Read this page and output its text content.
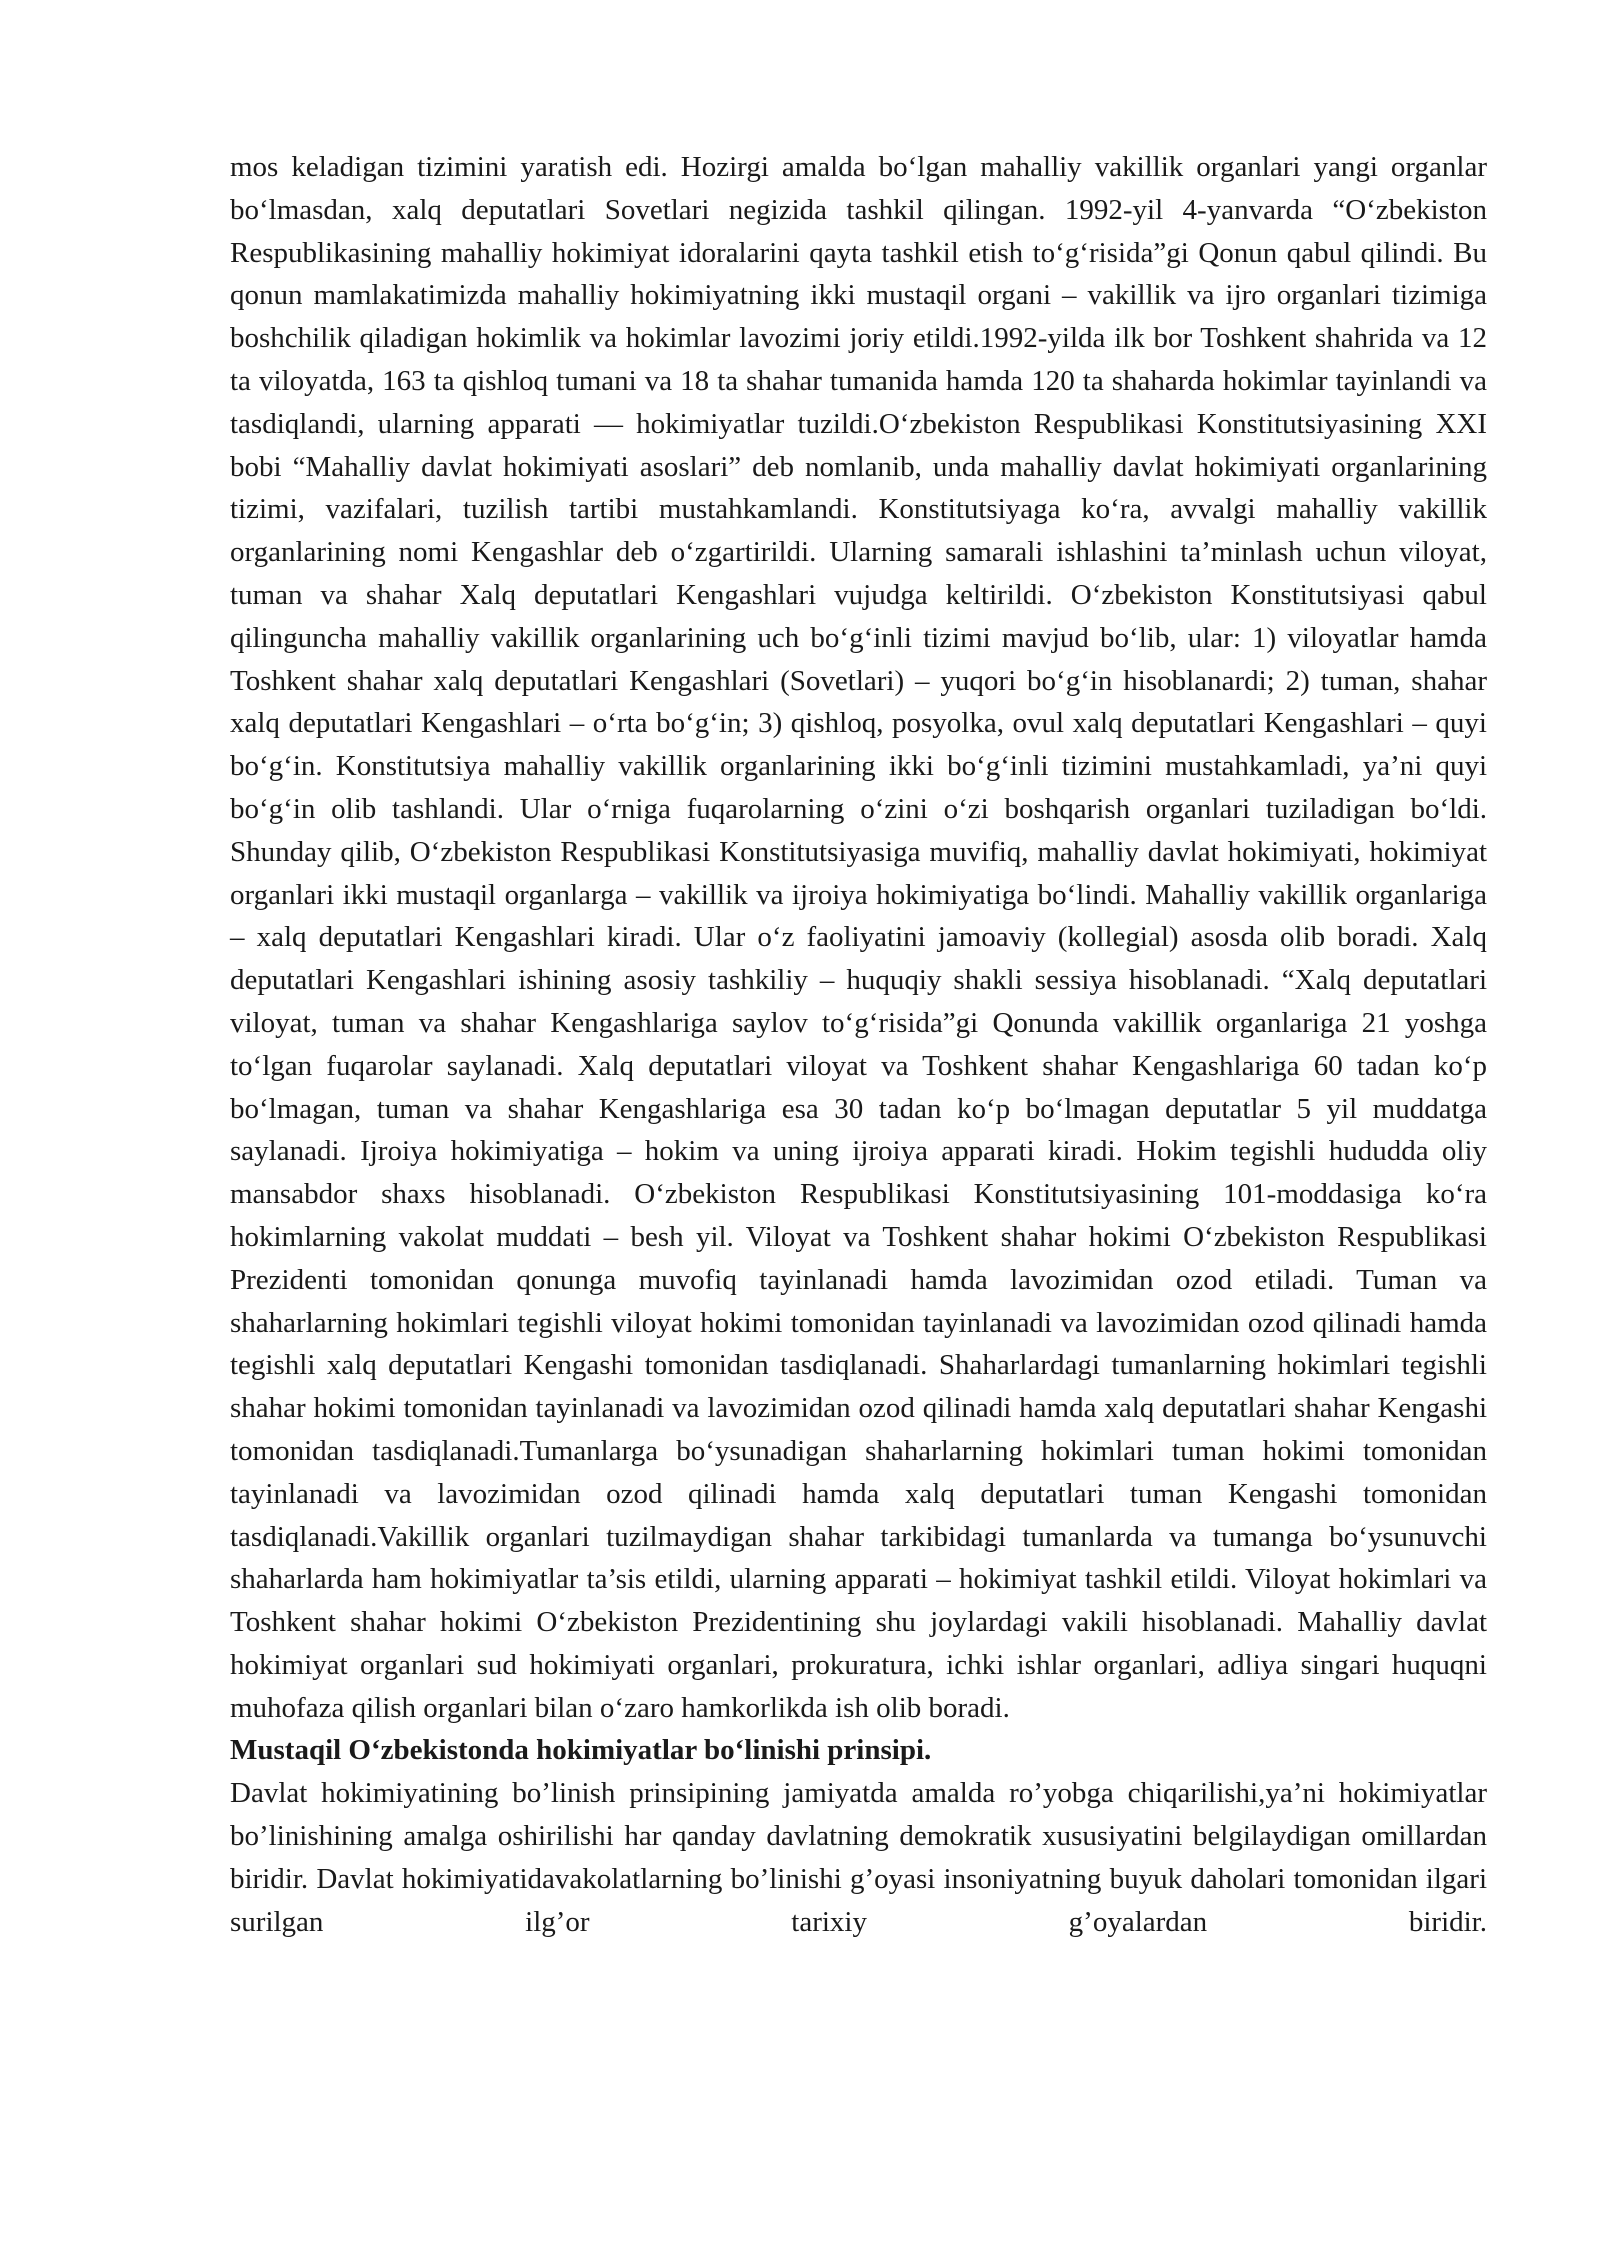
mos keladigan tizimini yaratish edi. Hozirgi amalda bo‘lgan mahalliy vakillik organlari yangi organlar bo‘lmasdan, xalq deputatlari Sovetlari negizida tashkil qilingan. 1992-yil 4-yanvarda “O‘zbekiston Respublikasining mahalliy hokimiyat idoralarini qayta tashkil etish to‘g‘risida”gi Qonun qabul qilindi. Bu qonun mamlakatimizda mahalliy hokimiyatning ikki mustaqil organi – vakillik va ijro organlari tizimiga boshchilik qiladigan hokimlik va hokimlar lavozimi joriy etildi.1992-yilda ilk bor Toshkent shahrida va 12 ta viloyatda, 163 ta qishloq tumani va 18 ta shahar tumanida hamda 120 ta shaharda hokimlar tayinlandi va tasdiqlandi, ularning apparati — hokimiyatlar tuzildi.O‘zbekiston Respublikasi Konstitutsiyasining XXI bobi “Mahalliy davlat hokimiyati asoslari” deb nomlanib, unda mahalliy davlat hokimiyati organlarining tizimi, vazifalari, tuzilish tartibi mustahkamlandi. Konstitutsiyaga ko‘ra, avvalgi mahalliy vakillik organlarining nomi Kengashlar deb o‘zgartirildi. Ularning samarali ishlashini ta’minlash uchun viloyat, tuman va shahar Xalq deputatlari Kengashlari vujudga keltirildi. O‘zbekiston Konstitutsiyasi qabul qilinguncha mahalliy vakillik organlarining uch bo‘g‘inli tizimi mavjud bo‘lib, ular: 1) viloyatlar hamda Toshkent shahar xalq deputatlari Kengashlari (Sovetlari) – yuqori bo‘g‘in hisoblanardi; 2) tuman, shahar xalq deputatlari Kengashlari – o‘rta bo‘g‘in; 3) qishloq, posyolka, ovul xalq deputatlari Kengashlari – quyi bo‘g‘in. Konstitutsiya mahalliy vakillik organlarining ikki bo‘g‘inli tizimini mustahkamladi, ya’ni quyi bo‘g‘in olib tashlandi. Ular o‘rniga fuqarolarning o‘zini o‘zi boshqarish organlari tuziladigan bo‘ldi. Shunday qilib, O‘zbekiston Respublikasi Konstitutsiyasiga muvifiq, mahalliy davlat hokimiyati, hokimiyat organlari ikki mustaqil organlarga – vakillik va ijroiya hokimiyatiga bo‘lindi. Mahalliy vakillik organlariga – xalq deputatlari Kengashlari kiradi. Ular o‘z faoliyatini jamoaviy (kollegial) asosda olib boradi. Xalq deputatlari Kengashlari ishining asosiy tashkiliy – huquqiy shakli sessiya hisoblanadi. “Xalq deputatlari viloyat, tuman va shahar Kengashlariga saylov to‘g‘risida”gi Qonunda vakillik organlariga 21 yoshga to‘lgan fuqarolar saylanadi. Xalq deputatlari viloyat va Toshkent shahar Kengashlariga 60 tadan ko‘p bo‘lmagan, tuman va shahar Kengashlariga esa 30 tadan ko‘p bo‘lmagan deputatlar 5 yil muddatga saylanadi. Ijroiya hokimiyatiga – hokim va uning ijroiya apparati kiradi. Hokim tegishli hududda oliy mansabdor shaxs hisoblanadi. O‘zbekiston Respublikasi Konstitutsiyasining 101-moddasiga ko‘ra hokimlarning vakolat muddati – besh yil. Viloyat va Toshkent shahar hokimi O‘zbekiston Respublikasi Prezidenti tomonidan qonunga muvofiq tayinlanadi hamda lavozimidan ozod etiladi. Tuman va shaharlarning hokimlari tegishli viloyat hokimi tomonidan tayinlanadi va lavozimidan ozod qilinadi hamda tegishli xalq deputatlari Kengashi tomonidan tasdiqlanadi. Shaharlardagi tumanlarning hokimlari tegishli shahar hokimi tomonidan tayinlanadi va lavozimidan ozod qilinadi hamda xalq deputatlari shahar Kengashi tomonidan tasdiqlanadi.Tumanlarga bo‘ysunadigan shaharlarning hokimlari tuman hokimi tomonidan tayinlanadi va lavozimidan ozod qilinadi hamda xalq deputatlari tuman Kengashi tomonidan tasdiqlanadi.Vakillik organlari tuzilmaydigan shahar tarkibidagi tumanlarda va tumanga bo‘ysunuvchi shaharlarda ham hokimiyatlar ta’sis etildi, ularning apparati – hokimiyat tashkil etildi. Viloyat hokimlari va Toshkent shahar hokimi O‘zbekiston Prezidentining shu joylardagi vakili hisoblanadi. Mahalliy davlat hokimiyat organlari sud hokimiyati organlari, prokuratura, ichki ishlar organlari, adliya singari huquqni muhofaza qilish organlari bilan o‘zaro hamkorlikda ish olib boradi.

Mustaqil O‘zbekistonda hokimiyatlar bo‘linishi prinsipi.

Davlat hokimiyatining bo’linish prinsipining jamiyatda amalda ro’yobga chiqarilishi,ya’ni hokimiyatlar bo’linishining amalga oshirilishi har qanday davlatning demokratik xususiyatini belgilaydigan omillardan biridir. Davlat hokimiyatidavakolatlarning bo’linishi g’oyasi insoniyatning buyuk daholari tomonidan ilgari surilgan ilg’or tarixiy g’oyalardan biridir.
